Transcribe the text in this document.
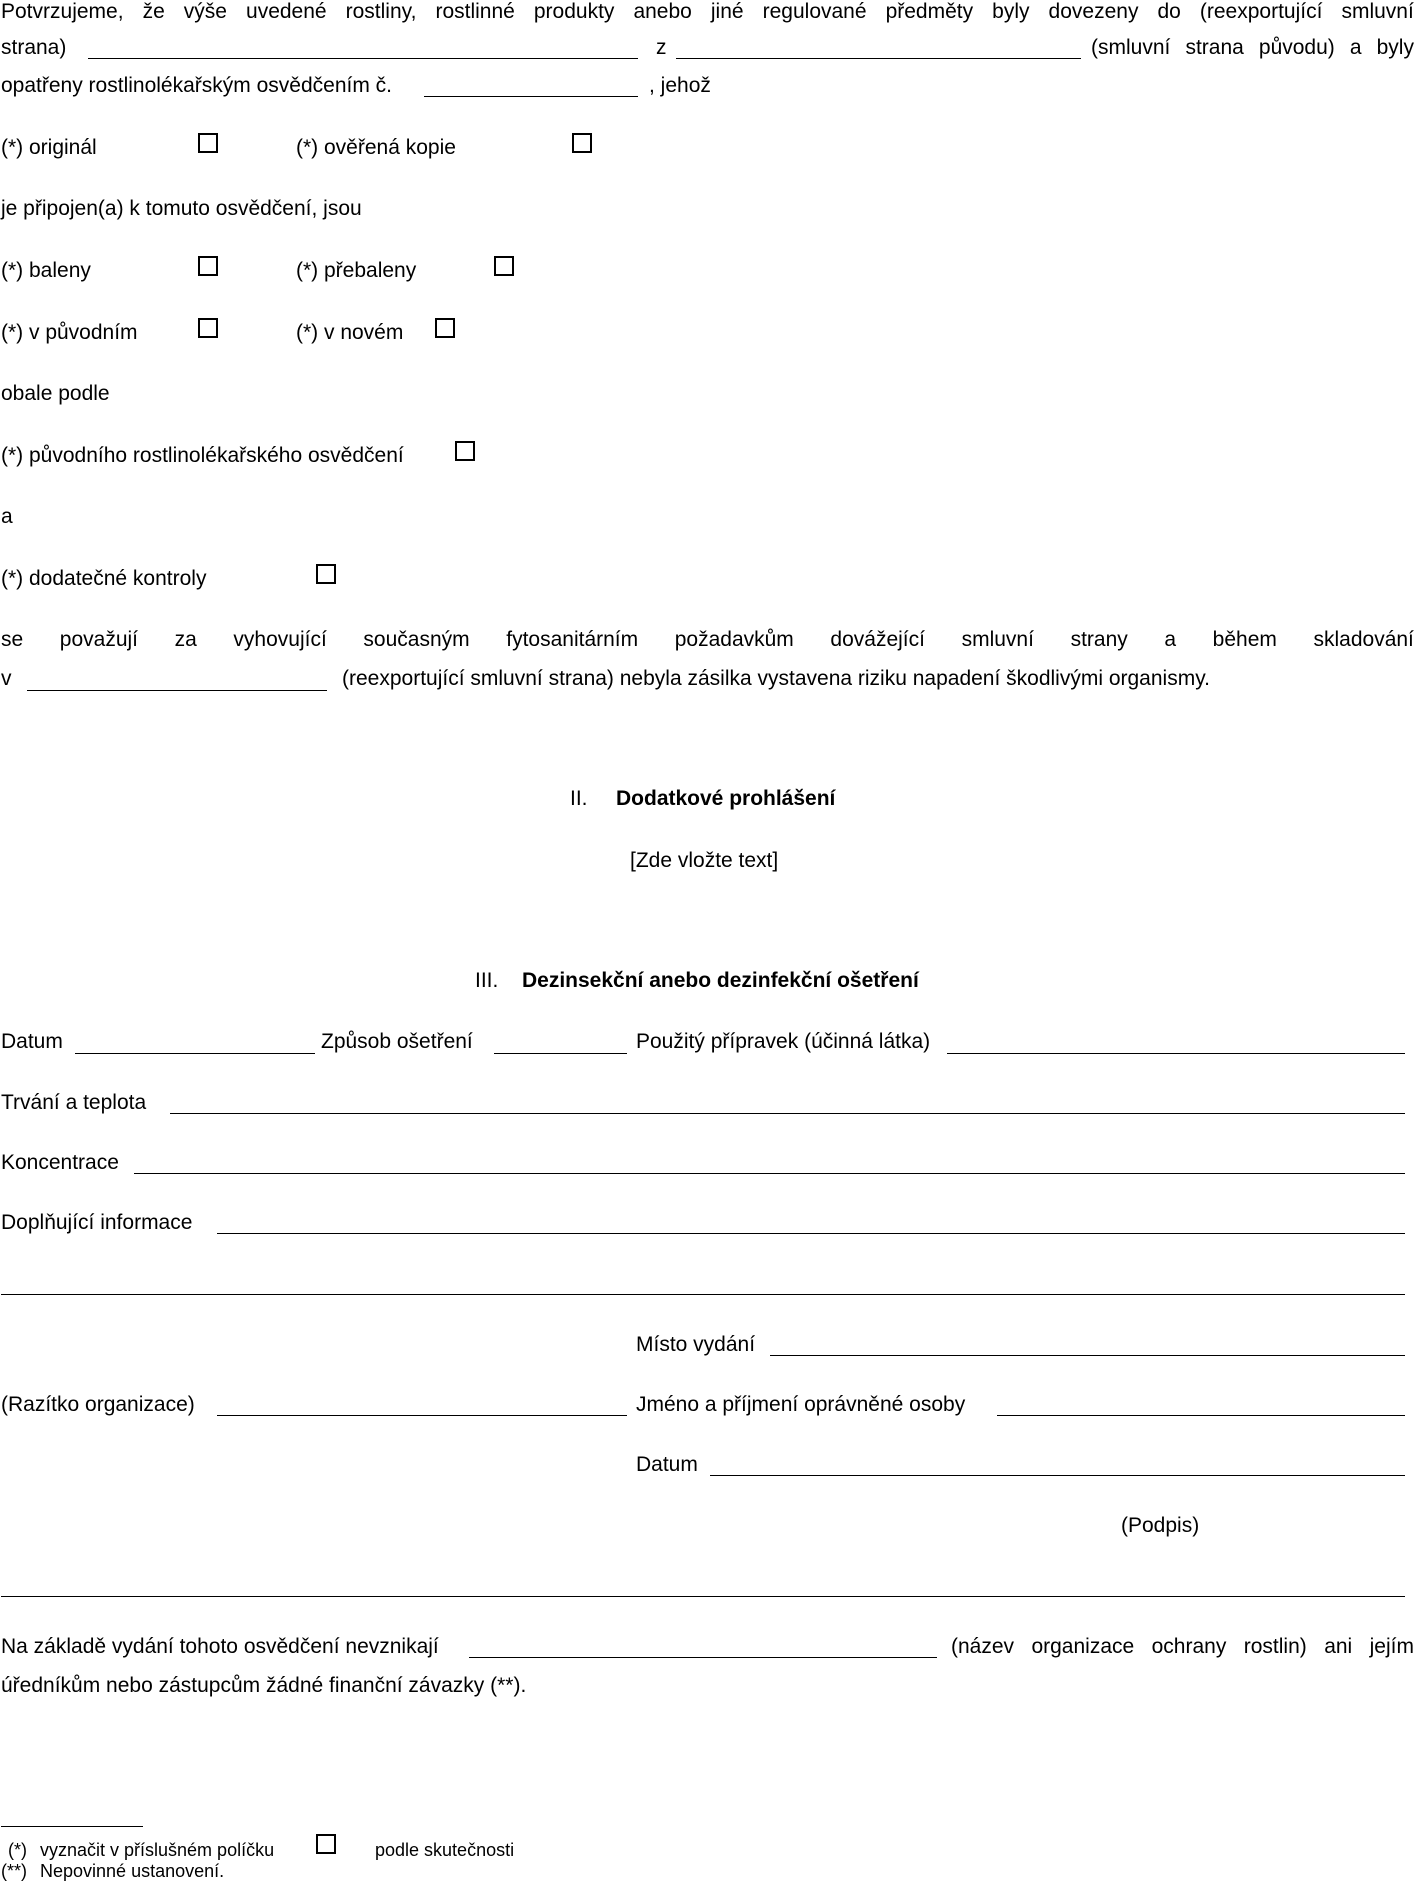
Potvrzujeme, že výše uvedené rostliny, rostlinné produkty anebo jiné regulované předměty byly dovezeny do (reexportující smluvní
strana)	z	(smluvní strana původu) a byly
opatřeny rostlinolékařským osvědčením č.	, jehož
(*) originál	(*) ověřená kopie
je připojen(a) k tomuto osvědčení, jsou
(*) baleny	(*) přebaleny
(*) v původním	(*) v novém
obale podle
(*) původního rostlinolékařského osvědčení
a
(*) dodatečné kontroly
se považují za vyhovující současným fytosanitárním požadavkům dovážející smluvní strany a během skladování
v	(reexportující smluvní strana) nebyla zásilka vystavena riziku napadení škodlivými organismy.
II. Dodatkové prohlášení
[Zde vložte text]
III. Dezinsekční anebo dezinfekční ošetření
Datum	Způsob ošetření	Použitý přípravek (účinná látka)
Trvání a teplota
Koncentrace
Doplňující informace
Místo vydání
(Razítko organizace)	Jméno a příjmení oprávněné osoby
Datum
(Podpis)
Na základě vydání tohoto osvědčení nevznikají	(název organizace ochrany rostlin) ani jejím
úředníkům nebo zástupcům žádné finanční závazky (**).
(*) vyznačit v příslušném políčku	podle skutečnosti
(**) Nepovinné ustanovení.
